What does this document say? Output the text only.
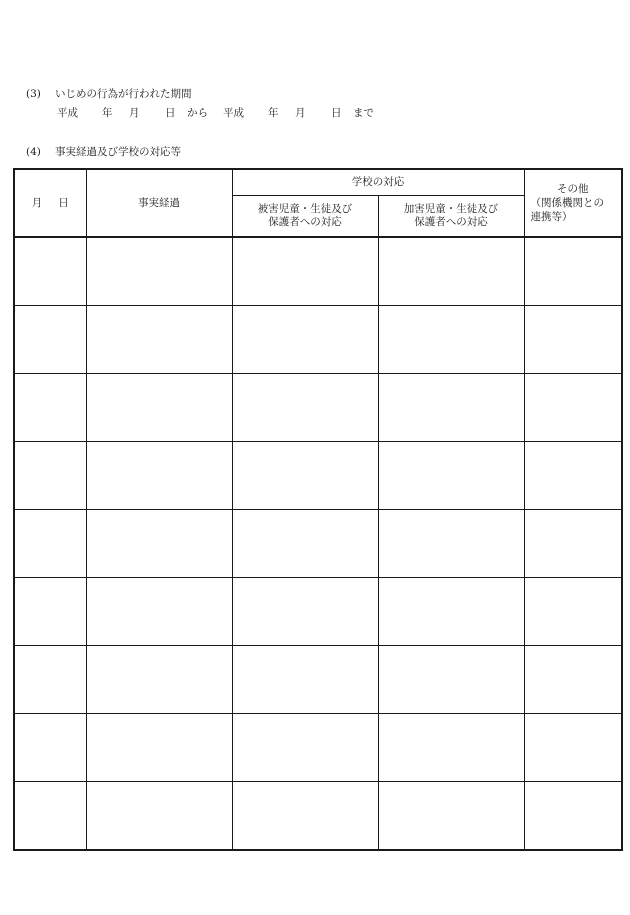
(3) いじめの行為が行われた期間
平成 年 月 日 から 平成 年 月 日 まで
(4) 事実経過及び学校の対応等
月 日	事実経過	学校の対応		その他
（関係機関との
連携等）

		被害児童・生徒及び
保護者への対応	加害児童・生徒及び
保護者への対応	
